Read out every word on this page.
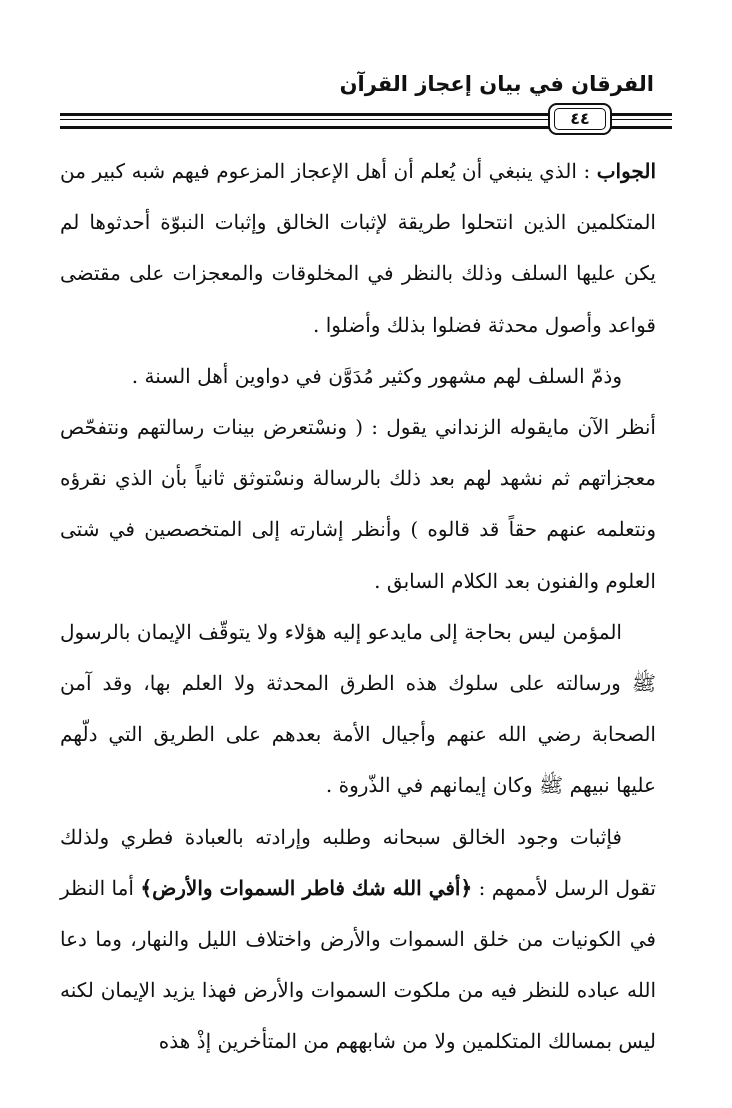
الفرقان في بيان إعجاز القرآن
٤٤

الجواب : الذي ينبغي أن يُعلم أن أهل الإعجاز المزعوم فيهم شبه كبير من المتكلمين الذين انتحلوا طريقة لإثبات الخالق وإثبات النبوّة أحدثوها لم يكن عليها السلف وذلك بالنظر في المخلوقات والمعجزات على مقتضى قواعد وأصول محدثة فضلوا بذلك وأضلوا .

وذمّ السلف لهم مشهور وكثير مُدَوَّن في دواوين أهل السنة .

أنظر الآن مايقوله الزنداني يقول : ( ونسْتعرض بينات رسالتهم ونتفحّص معجزاتهم ثم نشهد لهم بعد ذلك بالرسالة ونسْتوثق ثانياً بأن الذي نقرؤه ونتعلمه عنهم حقاً قد قالوه ) وأنظر إشارته إلى المتخصصين في شتى العلوم والفنون بعد الكلام السابق .

المؤمن ليس بحاجة إلى مايدعو إليه هؤلاء ولا يتوقّف الإيمان بالرسول ﷺ ورسالته على سلوك هذه الطرق المحدثة ولا العلم بها، وقد آمن الصحابة رضي الله عنهم وأجيال الأمة بعدهم على الطريق التي دلّهم عليها نبيهم ﷺ وكان إيمانهم في الذّروة .

فإثبات وجود الخالق سبحانه وطلبه وإرادته بالعبادة فطري ولذلك تقول الرسل لأممهم : ﴿أفي الله شك فاطر السموات والأرض﴾ أما النظر في الكونيات من خلق السموات والأرض واختلاف الليل والنهار، وما دعا الله عباده للنظر فيه من ملكوت السموات والأرض فهذا يزيد الإيمان لكنه ليس بمسالك المتكلمين ولا من شابههم من المتأخرين إذْ هذه
